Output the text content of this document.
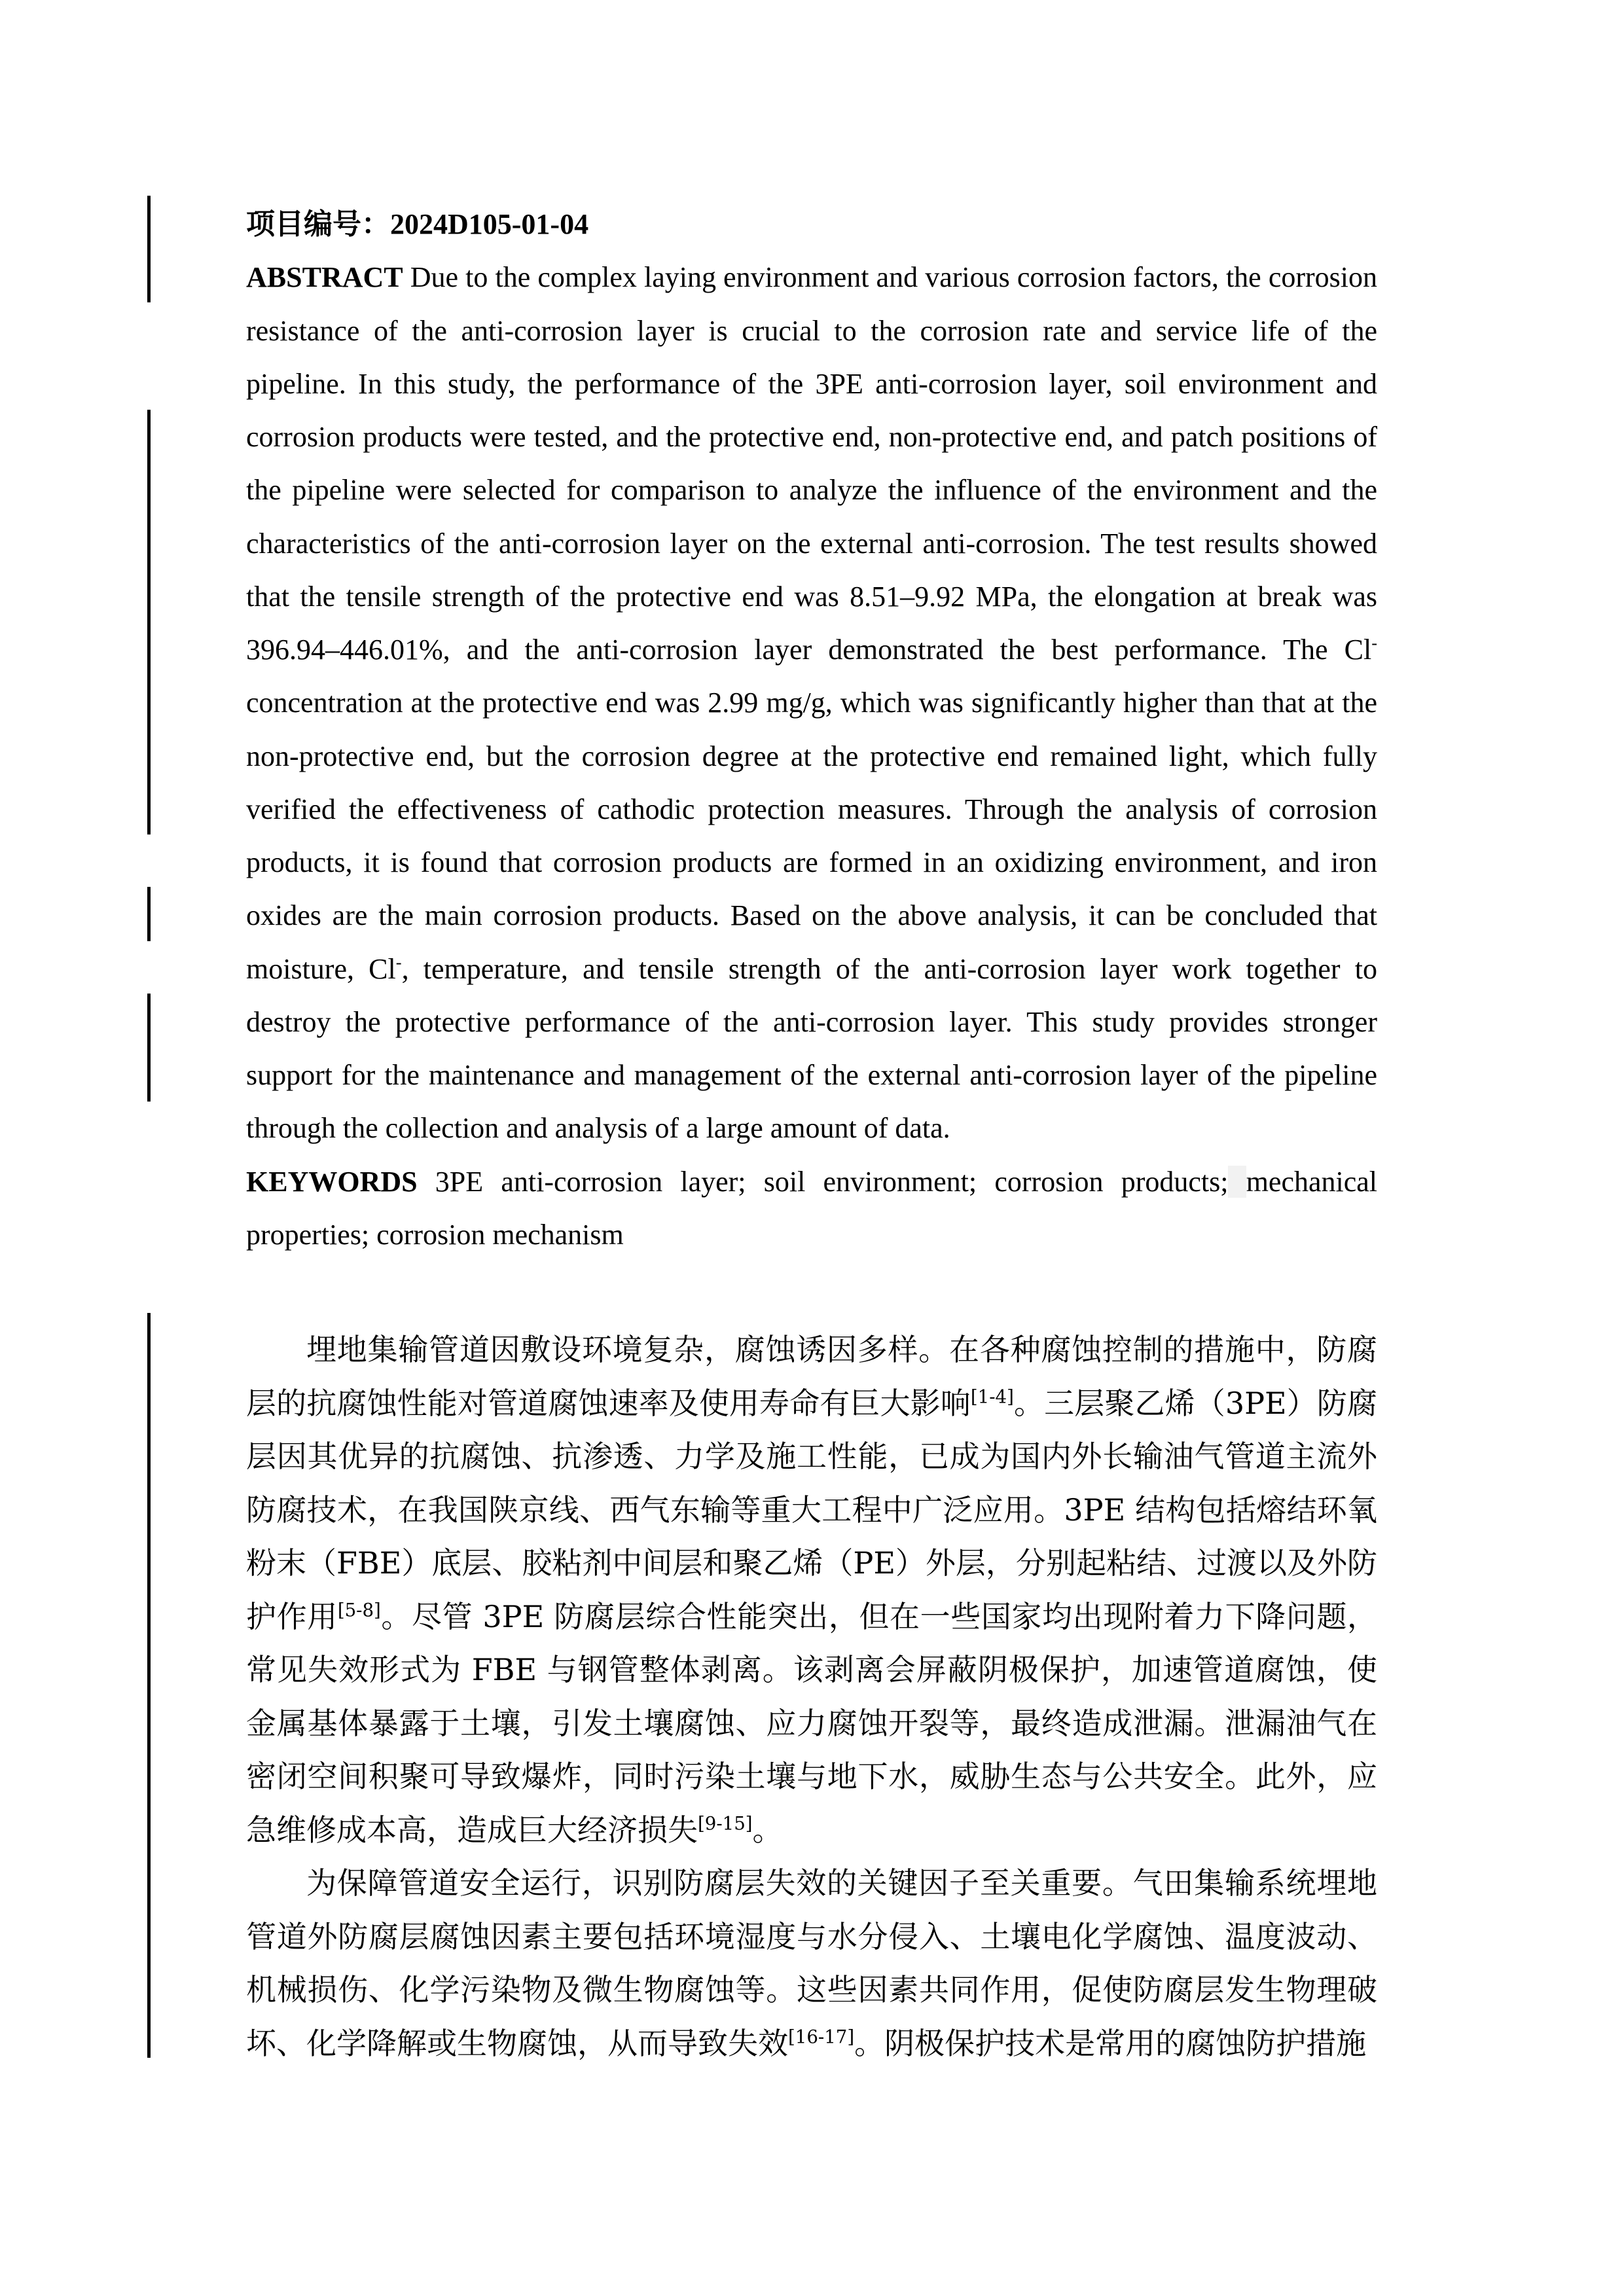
项目编号：2024D105-01-04

ABSTRACT Due to the complex laying environment and various corrosion factors, the corrosion resistance of the anti-corrosion layer is crucial to the corrosion rate and service life of the pipeline. In this study, the performance of the 3PE anti-corrosion layer, soil environment and corrosion products were tested, and the protective end, non-protective end, and patch positions of the pipeline were selected for comparison to analyze the influence of the environment and the characteristics of the anti-corrosion layer on the external anti-corrosion. The test results showed that the tensile strength of the protective end was 8.51–9.92 MPa, the elongation at break was 396.94–446.01%, and the anti-corrosion layer demonstrated the best performance. The Cl- concentration at the protective end was 2.99 mg/g, which was significantly higher than that at the non-protective end, but the corrosion degree at the protective end remained light, which fully verified the effectiveness of cathodic protection measures. Through the analysis of corrosion products, it is found that corrosion products are formed in an oxidizing environment, and iron oxides are the main corrosion products. Based on the above analysis, it can be concluded that moisture, Cl-, temperature, and tensile strength of the anti-corrosion layer work together to destroy the protective performance of the anti-corrosion layer. This study provides stronger support for the maintenance and management of the external anti-corrosion layer of the pipeline through the collection and analysis of a large amount of data.

KEYWORDS 3PE anti-corrosion layer; soil environment; corrosion products; mechanical properties; corrosion mechanism

埋地集输管道因敷设环境复杂，腐蚀诱因多样。在各种腐蚀控制的措施中，防腐层的抗腐蚀性能对管道腐蚀速率及使用寿命有巨大影响[1-4]。三层聚乙烯（3PE）防腐层因其优异的抗腐蚀、抗渗透、力学及施工性能，已成为国内外长输油气管道主流外防腐技术，在我国陕京线、西气东输等重大工程中广泛应用。3PE 结构包括熔结环氧粉末（FBE）底层、胶粘剂中间层和聚乙烯（PE）外层，分别起粘结、过渡以及外防护作用[5-8]。尽管 3PE 防腐层综合性能突出，但在一些国家均出现附着力下降问题，常见失效形式为 FBE 与钢管整体剥离。该剥离会屏蔽阴极保护，加速管道腐蚀，使金属基体暴露于土壤，引发土壤腐蚀、应力腐蚀开裂等，最终造成泄漏。泄漏油气在密闭空间积聚可导致爆炸，同时污染土壤与地下水，威胁生态与公共安全。此外，应急维修成本高，造成巨大经济损失[9-15]。

为保障管道安全运行，识别防腐层失效的关键因子至关重要。气田集输系统埋地管道外防腐层腐蚀因素主要包括环境湿度与水分侵入、土壤电化学腐蚀、温度波动、机械损伤、化学污染物及微生物腐蚀等。这些因素共同作用，促使防腐层发生物理破坏、化学降解或生物腐蚀，从而导致失效[16-17]。阴极保护技术是常用的腐蚀防护措施
